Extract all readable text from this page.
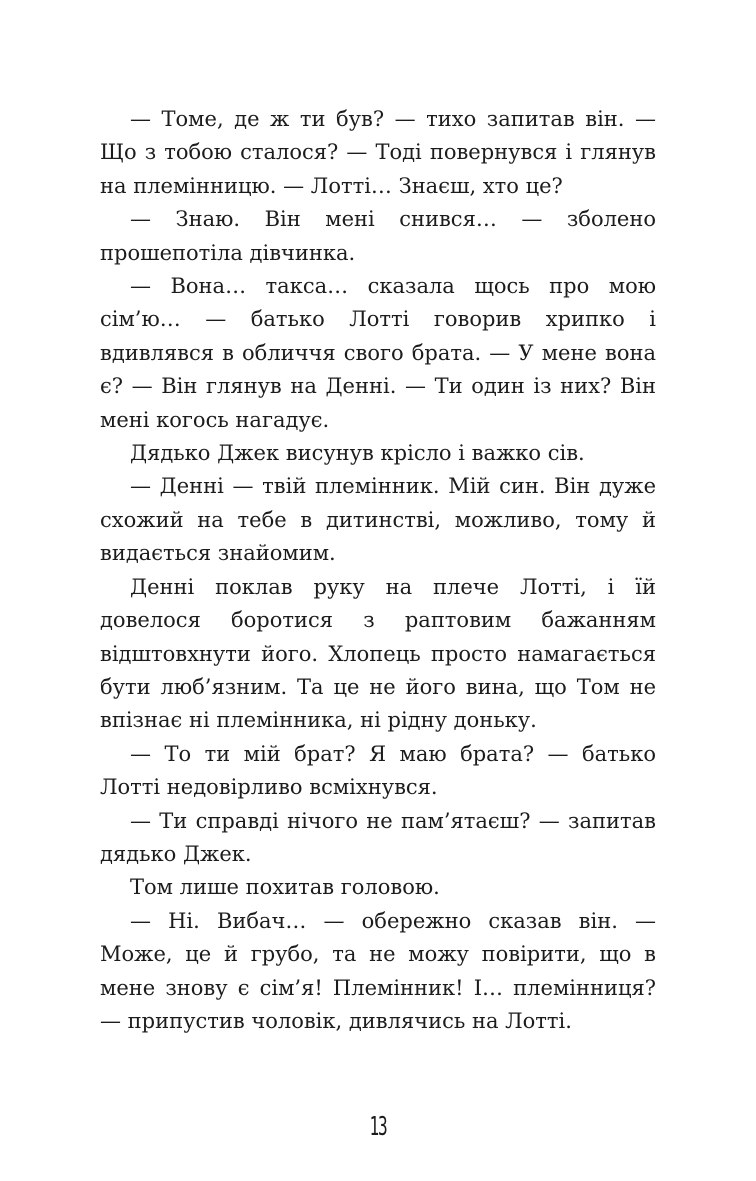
— Томе, де ж ти був? — тихо запитав він. — Що з тобою сталося? — Тоді повернувся і глянув на племінницю. — Лотті… Знаєш, хто це?

— Знаю. Він мені снився… — зболено прошепотіла дівчинка.

— Вона… такса… сказала щось про мою сім’ю… — батько Лотті говорив хрипко і вдивлявся в обличчя свого брата. — У мене вона є? — Він глянув на Денні. — Ти один із них? Він мені когось нагадує.

Дядько Джек висунув крісло і важко сів.

— Денні — твій племінник. Мій син. Він дуже схожий на тебе в дитинстві, можливо, тому й видається знайомим.

Денні поклав руку на плече Лотті, і їй довелося боротися з раптовим бажанням відштовхнути його. Хлопець просто намагається бути люб’язним. Та це не його вина, що Том не впізнає ні племінника, ні рідну доньку.

— То ти мій брат? Я маю брата? — батько Лотті недовірливо всміхнувся.

— Ти справді нічого не пам’ятаєш? — запитав дядько Джек.

Том лише похитав головою.

— Ні. Вибач… — обережно сказав він. — Може, це й грубо, та не можу повірити, що в мене знову є сім’я! Племінник! І… племінниця? — припустив чоловік, дивлячись на Лотті.

13
